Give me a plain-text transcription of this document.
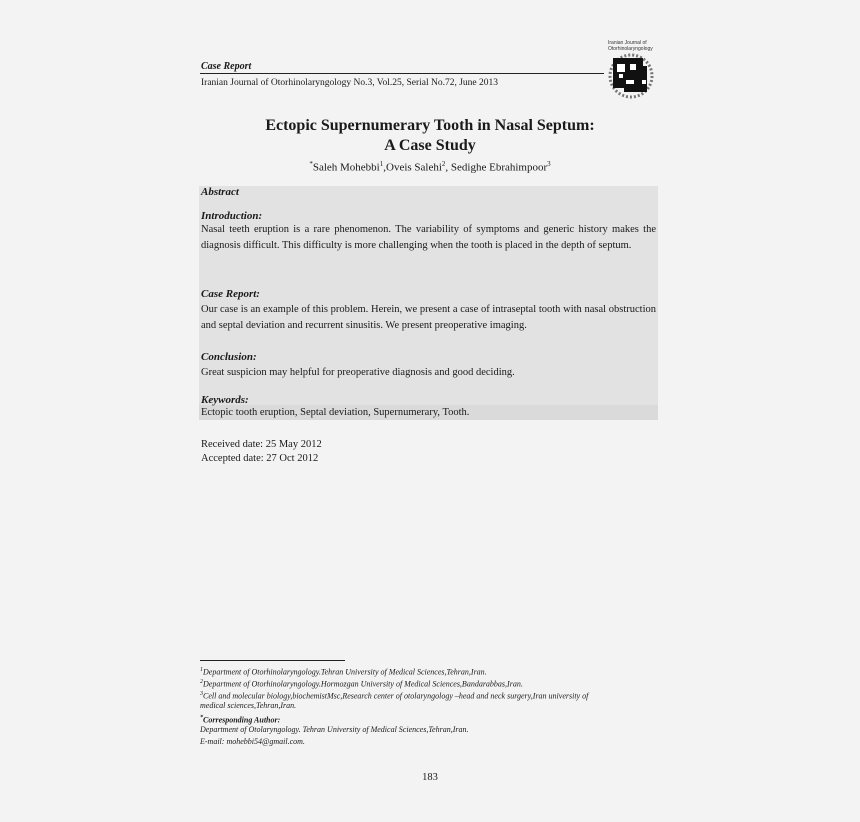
Case Report
Iranian Journal of Otorhinolaryngology No.3, Vol.25, Serial No.72, June 2013
Iranian Journal of
Otorhinolaryngology
Ectopic Supernumerary Tooth in Nasal Septum:
A Case Study
*Saleh Mohebbi$^1$,Oveis Salehi$^2$, Sedighe Ebrahimpoor$^3$
Abstract
Introduction:
Nasal teeth eruption is a rare phenomenon. The variability of symptoms and generic history makes the diagnosis difficult. This difficulty is more challenging when the tooth is placed in the depth of septum.
Case Report:
Our case is an example of this problem. Herein, we present a case of intraseptal tooth with nasal obstruction and septal deviation and recurrent sinusitis. We present preoperative imaging.
Conclusion:
Great suspicion may helpful for preoperative diagnosis and good deciding.
Keywords:
Ectopic tooth eruption, Septal deviation, Supernumerary, Tooth.
Received date: 25 May 2012
Accepted date: 27 Oct 2012
$^1$Department of Otorhinolaryngology.Tehran University of Medical Sciences,Tehran,Iran.
$^2$Department of Otorhinolaryngology.Hormozgan University of Medical Sciences,Bandarabbas,Iran.
$^3$Cell and molecular biology,biochemistMsc,Research center of otolaryngology –head and neck surgery,Iran university of
medical sciences,Tehran,Iran.
*Corresponding Author:
Department of Otolaryngology. Tehran University of Medical Sciences,Tehran,Iran.
E-mail: mohebbi54@gmail.com.
183
